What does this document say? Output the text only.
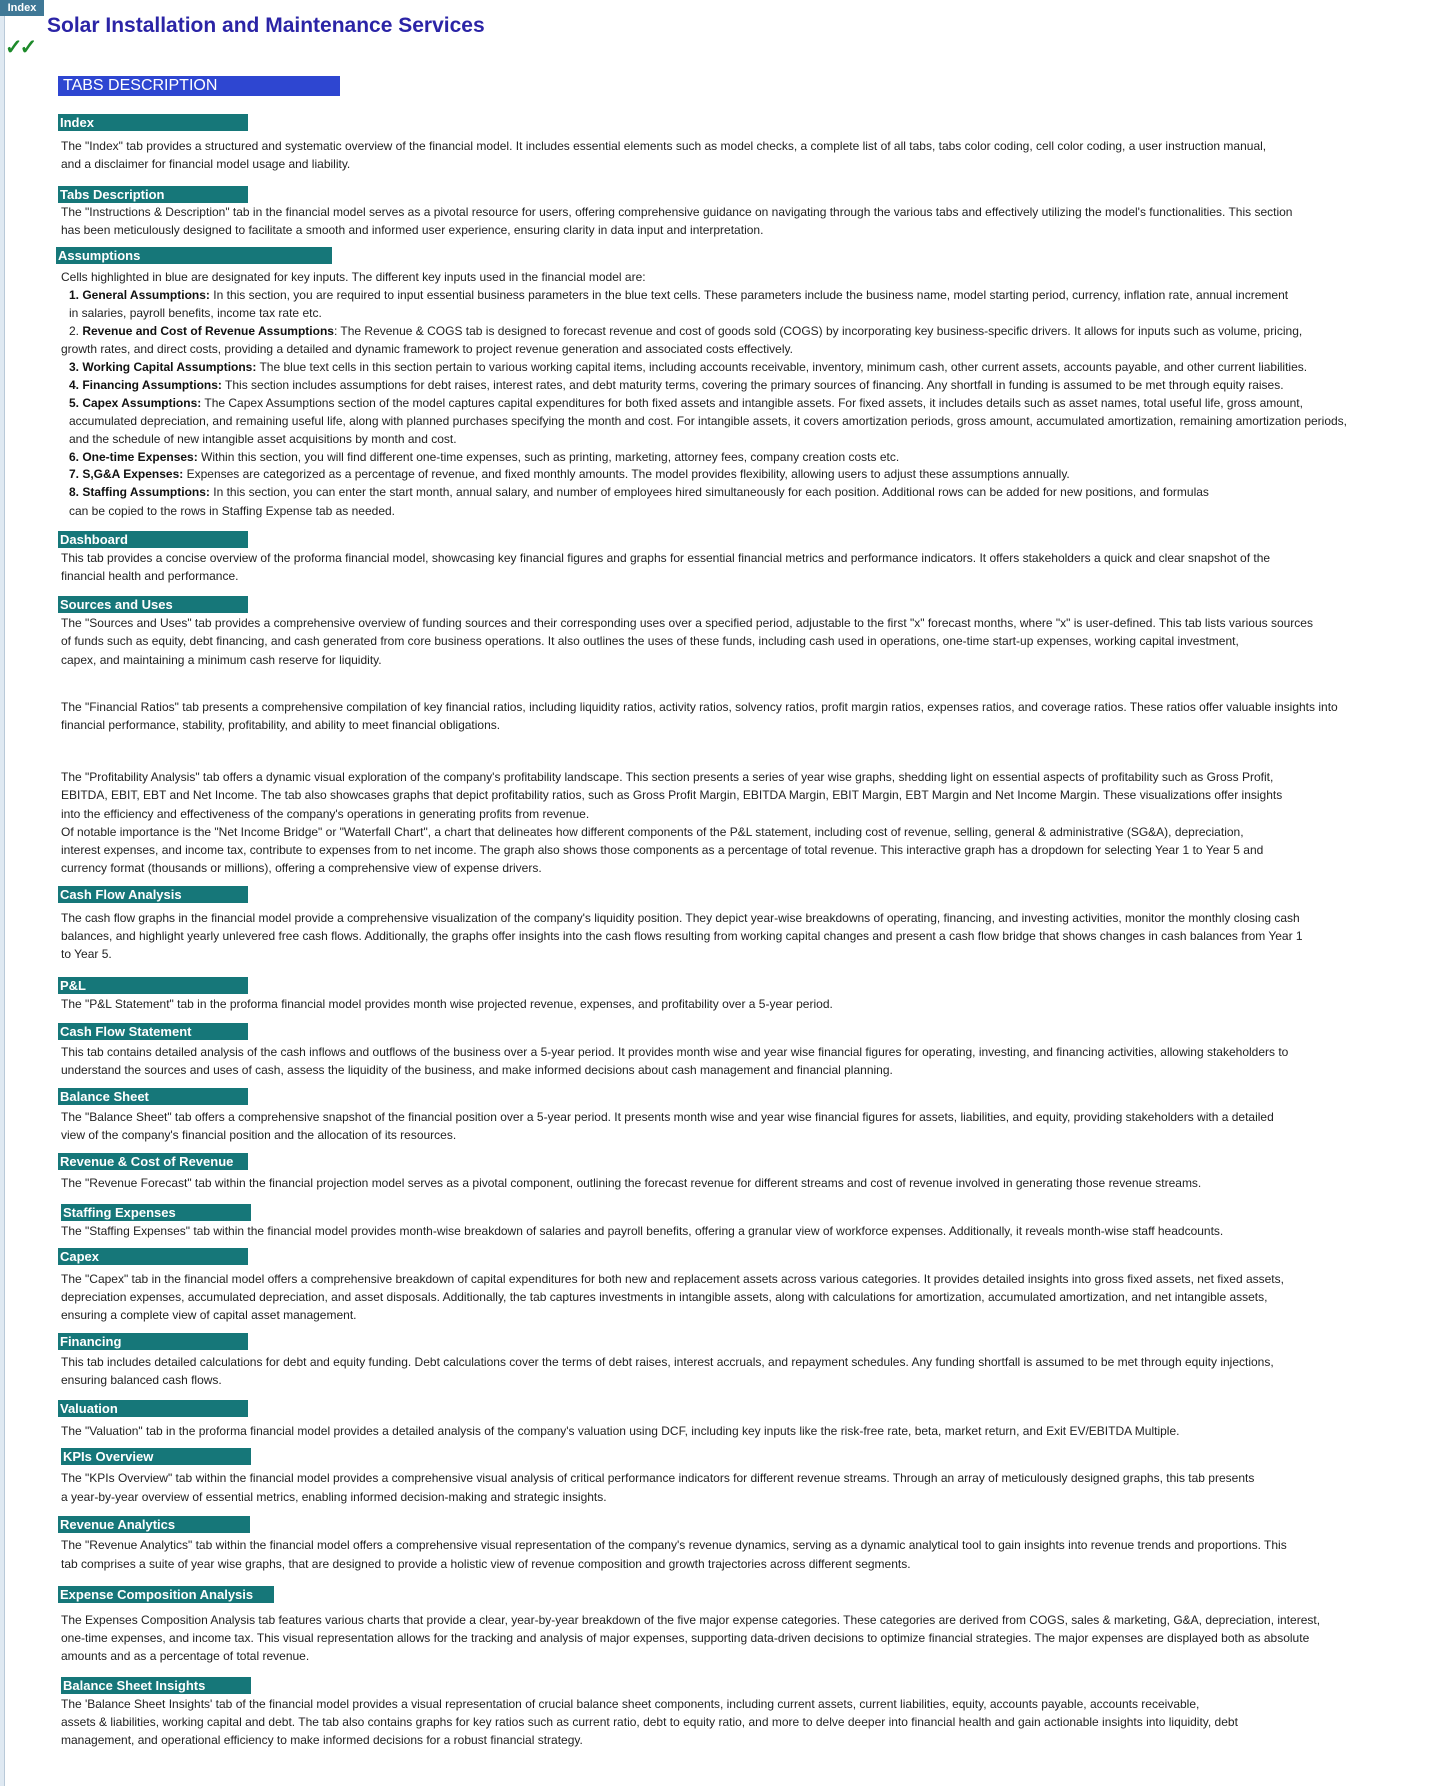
Index
✓✓
Solar Installation and Maintenance Services
TABS DESCRIPTION
Index
The "Index" tab provides a structured and systematic overview of the financial model. It includes essential elements such as model checks, a complete list of all tabs, tabs color coding, cell color coding, a user instruction manual,
and a disclaimer for financial model usage and liability.
Tabs Description
The "Instructions & Description" tab in the financial model serves as a pivotal resource for users, offering comprehensive guidance on navigating through the various tabs and effectively utilizing the model's functionalities. This section
has been meticulously designed to facilitate a smooth and informed user experience, ensuring clarity in data input and interpretation.
Assumptions
Cells highlighted in blue are designated for key inputs. The different key inputs used in the financial model are:
1. General Assumptions: In this section, you are required to input essential business parameters in the blue text cells. These parameters include the business name, model starting period, currency, inflation rate, annual increment
in salaries, payroll benefits, income tax rate etc.
2. Revenue and Cost of Revenue Assumptions: The Revenue & COGS tab is designed to forecast revenue and cost of goods sold (COGS) by incorporating key business-specific drivers. It allows for inputs such as volume, pricing,
growth rates, and direct costs, providing a detailed and dynamic framework to project revenue generation and associated costs effectively.
3. Working Capital Assumptions: The blue text cells in this section pertain to various working capital items, including accounts receivable, inventory, minimum cash, other current assets, accounts payable, and other current liabilities.
4. Financing Assumptions: This section includes assumptions for debt raises, interest rates, and debt maturity terms, covering the primary sources of financing. Any shortfall in funding is assumed to be met through equity raises.
5. Capex Assumptions: The Capex Assumptions section of the model captures capital expenditures for both fixed assets and intangible assets. For fixed assets, it includes details such as asset names, total useful life, gross amount,
accumulated depreciation, and remaining useful life, along with planned purchases specifying the month and cost. For intangible assets, it covers amortization periods, gross amount, accumulated amortization, remaining amortization periods,
and the schedule of new intangible asset acquisitions by month and cost.
6. One-time Expenses: Within this section, you will find different one-time expenses, such as printing, marketing, attorney fees, company creation costs etc.
7. S,G&A Expenses: Expenses are categorized as a percentage of revenue, and fixed monthly amounts. The model provides flexibility, allowing users to adjust these assumptions annually.
8. Staffing Assumptions: In this section, you can enter the start month, annual salary, and number of employees hired simultaneously for each position. Additional rows can be added for new positions, and formulas
can be copied to the rows in Staffing Expense tab as needed.
Dashboard
This tab provides a concise overview of the proforma financial model, showcasing key financial figures and graphs for essential financial metrics and performance indicators. It offers stakeholders a quick and clear snapshot of the
financial health and performance.
Sources and Uses
The "Sources and Uses" tab provides a comprehensive overview of funding sources and their corresponding uses over a specified period, adjustable to the first "x" forecast months, where "x" is user-defined. This tab lists various sources
of funds such as equity, debt financing, and cash generated from core business operations. It also outlines the uses of these funds, including cash used in operations, one-time start-up expenses, working capital investment,
capex, and maintaining a minimum cash reserve for liquidity.
The "Financial Ratios" tab presents a comprehensive compilation of key financial ratios, including liquidity ratios, activity ratios, solvency ratios, profit margin ratios, expenses ratios, and coverage ratios. These ratios offer valuable insights into
financial performance, stability, profitability, and ability to meet financial obligations.
The "Profitability Analysis" tab offers a dynamic visual exploration of the company's profitability landscape. This section presents a series of year wise graphs, shedding light on essential aspects of profitability such as Gross Profit,
EBITDA, EBIT, EBT and Net Income. The tab also showcases graphs that depict profitability ratios, such as Gross Profit Margin, EBITDA Margin, EBIT Margin, EBT Margin and Net Income Margin. These visualizations offer insights
into the efficiency and effectiveness of the company's operations in generating profits from revenue.
Of notable importance is the "Net Income Bridge" or "Waterfall Chart", a chart that delineates how different components of the P&L statement, including cost of revenue, selling, general & administrative (SG&A), depreciation,
interest expenses, and income tax, contribute to expenses from to net income. The graph also shows those components as a percentage of total revenue. This interactive graph has a dropdown for selecting Year 1 to Year 5 and
currency format (thousands or millions), offering a comprehensive view of expense drivers.
Cash Flow Analysis
The cash flow graphs in the financial model provide a comprehensive visualization of the company's liquidity position. They depict year-wise breakdowns of operating, financing, and investing activities, monitor the monthly closing cash
balances, and highlight yearly unlevered free cash flows. Additionally, the graphs offer insights into the cash flows resulting from working capital changes and present a cash flow bridge that shows changes in cash balances from Year 1
to Year 5.
P&L
The "P&L Statement" tab in the proforma financial model provides month wise projected revenue, expenses, and profitability over a 5-year period.
Cash Flow Statement
This tab contains detailed analysis of the cash inflows and outflows of the business over a 5-year period. It provides month wise and year wise financial figures for operating, investing, and financing activities, allowing stakeholders to
understand the sources and uses of cash, assess the liquidity of the business, and make informed decisions about cash management and financial planning.
Balance Sheet
The "Balance Sheet" tab offers a comprehensive snapshot of the financial position over a 5-year period. It presents month wise and year wise financial figures for assets, liabilities, and equity, providing stakeholders with a detailed
view of the company's financial position and the allocation of its resources.
Revenue & Cost of Revenue
The "Revenue Forecast" tab within the financial projection model serves as a pivotal component, outlining the forecast revenue for different streams and cost of revenue involved in generating those revenue streams.
Staffing Expenses
The "Staffing Expenses" tab within the financial model provides month-wise breakdown of salaries and payroll benefits, offering a granular view of workforce expenses. Additionally, it reveals month-wise staff headcounts.
Capex
The "Capex" tab in the financial model offers a comprehensive breakdown of capital expenditures for both new and replacement assets across various categories. It provides detailed insights into gross fixed assets, net fixed assets,
depreciation expenses, accumulated depreciation, and asset disposals. Additionally, the tab captures investments in intangible assets, along with calculations for amortization, accumulated amortization, and net intangible assets,
ensuring a complete view of capital asset management.
Financing
This tab includes detailed calculations for debt and equity funding. Debt calculations cover the terms of debt raises, interest accruals, and repayment schedules. Any funding shortfall is assumed to be met through equity injections,
ensuring balanced cash flows.
Valuation
The "Valuation" tab in the proforma financial model provides a detailed analysis of the company's valuation using DCF, including key inputs like the risk-free rate, beta, market return, and Exit EV/EBITDA Multiple.
KPIs Overview
The "KPIs Overview" tab within the financial model provides a comprehensive visual analysis of critical performance indicators for different revenue streams. Through an array of meticulously designed graphs, this tab presents
a year-by-year overview of essential metrics, enabling informed decision-making and strategic insights.
Revenue Analytics
The "Revenue Analytics" tab within the financial model offers a comprehensive visual representation of the company's revenue dynamics, serving as a dynamic analytical tool to gain insights into revenue trends and proportions. This
tab comprises a suite of year wise graphs, that are designed to provide a holistic view of revenue composition and growth trajectories across different segments.
Expense Composition Analysis
The Expenses Composition Analysis tab features various charts that provide a clear, year-by-year breakdown of the five major expense categories. These categories are derived from COGS, sales & marketing, G&A, depreciation, interest,
one-time expenses, and income tax. This visual representation allows for the tracking and analysis of major expenses, supporting data-driven decisions to optimize financial strategies. The major expenses are displayed both as absolute
amounts and as a percentage of total revenue.
Balance Sheet Insights
The 'Balance Sheet Insights' tab of the financial model provides a visual representation of crucial balance sheet components, including current assets, current liabilities, equity, accounts payable, accounts receivable,
assets & liabilities, working capital and debt. The tab also contains graphs for key ratios such as current ratio, debt to equity ratio, and more to delve deeper into financial health and gain actionable insights into liquidity, debt
management, and operational efficiency to make informed decisions for a robust financial strategy.
